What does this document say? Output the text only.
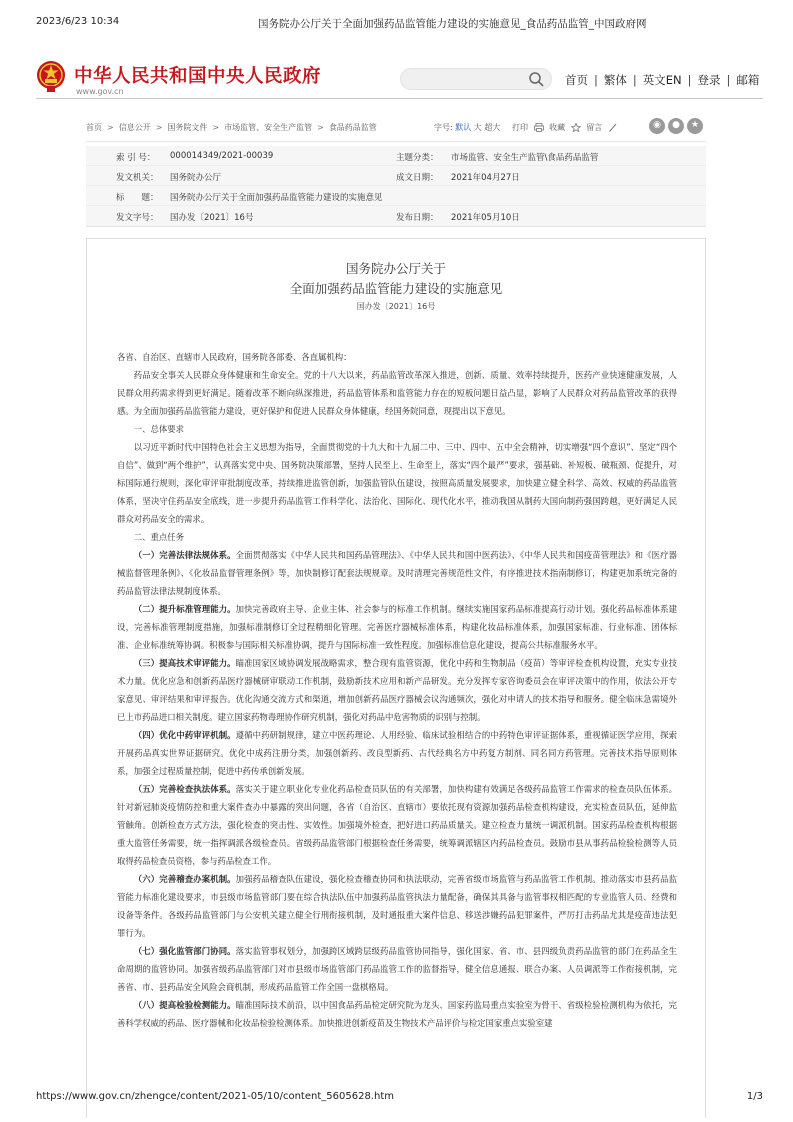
2023/6/23 10:34	国务院办公厅关于全面加强药品监管能力建设的实施意见_食品药品监管_中国政府网
中华人民共和国中央人民政府
www.gov.cn
首页 | 繁体 | 英文EN | 登录 | 邮箱
首页 > 信息公开 > 国务院文件 > 市场监管、安全生产监管 > 食品药品监管	字号: 默认 大 超大 打印	收藏	留言	◉	●	★
索 引 号： 000014349/2021-00039	主题分类： 市场监管、安全生产监管\食品药品监管
发文机关： 国务院办公厅	成文日期： 2021年04月27日
标　　题： 国务院办公厅关于全面加强药品监管能力建设的实施意见
发文字号： 国办发〔2021〕16号	发布日期： 2021年05月10日
国务院办公厅关于
全面加强药品监管能力建设的实施意见
国办发〔2021〕16号

各省、自治区、直辖市人民政府，国务院各部委、各直属机构：

药品安全事关人民群众身体健康和生命安全。党的十八大以来，药品监管改革深入推进，创新、质量、效率持续提升，医药产业快速健康发展，人民群众用药需求得到更好满足。随着改革不断向纵深推进，药品监管体系和监管能力存在的短板问题日益凸显，影响了人民群众对药品监管改革的获得感。为全面加强药品监管能力建设，更好保护和促进人民群众身体健康，经国务院同意，现提出以下意见。

一、总体要求

以习近平新时代中国特色社会主义思想为指导，全面贯彻党的十九大和十九届二中、三中、四中、五中全会精神，切实增强“四个意识”、坚定“四个自信”、做到“两个维护”，认真落实党中央、国务院决策部署，坚持人民至上、生命至上，落实“四个最严”要求，强基础、补短板、破瓶颈、促提升，对标国际通行规则，深化审评审批制度改革，持续推进监管创新，加强监管队伍建设，按照高质量发展要求，加快建立健全科学、高效、权威的药品监管体系，坚决守住药品安全底线，进一步提升药品监管工作科学化、法治化、国际化、现代化水平，推动我国从制药大国向制药强国跨越，更好满足人民群众对药品安全的需求。

二、重点任务

（一）完善法律法规体系。全面贯彻落实《中华人民共和国药品管理法》、《中华人民共和国中医药法》、《中华人民共和国疫苗管理法》和《医疗器械监督管理条例》、《化妆品监督管理条例》等，加快制修订配套法规规章。及时清理完善规范性文件，有序推进技术指南制修订，构建更加系统完备的药品监管法律法规制度体系。

（二）提升标准管理能力。加快完善政府主导、企业主体、社会参与的标准工作机制。继续实施国家药品标准提高行动计划。强化药品标准体系建设，完善标准管理制度措施，加强标准制修订全过程精细化管理。完善医疗器械标准体系，构建化妆品标准体系，加强国家标准、行业标准、团体标准、企业标准统筹协调。积极参与国际相关标准协调，提升与国际标准一致性程度。加强标准信息化建设，提高公共标准服务水平。

（三）提高技术审评能力。瞄准国家区域协调发展战略需求，整合现有监管资源，优化中药和生物制品（疫苗）等审评检查机构设置，充实专业技术力量。优化应急和创新药品医疗器械研审联动工作机制，鼓励新技术应用和新产品研发。充分发挥专家咨询委员会在审评决策中的作用，依法公开专家意见、审评结果和审评报告。优化沟通交流方式和渠道，增加创新药品医疗器械会议沟通频次，强化对申请人的技术指导和服务。健全临床急需境外已上市药品进口相关制度。建立国家药物毒理协作研究机制，强化对药品中危害物质的识别与控制。

（四）优化中药审评机制。遵循中药研制规律，建立中医药理论、人用经验、临床试验相结合的中药特色审评证据体系，重视循证医学应用，探索开展药品真实世界证据研究。优化中成药注册分类，加强创新药、改良型新药、古代经典名方中药复方制剂、同名同方药管理。完善技术指导原则体系，加强全过程质量控制，促进中药传承创新发展。

（五）完善检查执法体系。落实关于建立职业化专业化药品检查员队伍的有关部署，加快构建有效满足各级药品监管工作需求的检查员队伍体系。针对新冠肺炎疫情防控和重大案件查办中暴露的突出问题，各省（自治区、直辖市）要依托现有资源加强药品检查机构建设，充实检查员队伍，延伸监管触角。创新检查方式方法，强化检查的突击性、实效性。加强境外检查，把好进口药品质量关。建立检查力量统一调派机制。国家药品检查机构根据重大监管任务需要，统一指挥调派各级检查员。省级药品监管部门根据检查任务需要，统筹调派辖区内药品检查员。鼓励市县从事药品检验检测等人员取得药品检查员资格，参与药品检查工作。

（六）完善稽查办案机制。加强药品稽查队伍建设，强化检查稽查协同和执法联动，完善省级市场监管与药品监管工作机制。推动落实市县药品监管能力标准化建设要求，市县级市场监管部门要在综合执法队伍中加强药品监管执法力量配备，确保其具备与监管事权相匹配的专业监管人员、经费和设备等条件。各级药品监管部门与公安机关建立健全行刑衔接机制，及时通报重大案件信息、移送涉嫌药品犯罪案件，严厉打击药品尤其是疫苗违法犯罪行为。

（七）强化监管部门协同。落实监管事权划分，加强跨区域跨层级药品监管协同指导，强化国家、省、市、县四级负责药品监管的部门在药品全生命周期的监管协同。加强省级药品监管部门对市县级市场监管部门药品监管工作的监督指导，健全信息通报、联合办案、人员调派等工作衔接机制，完善省、市、县药品安全风险会商机制，形成药品监管工作全国一盘棋格局。

（八）提高检验检测能力。瞄准国际技术前沿，以中国食品药品检定研究院为龙头、国家药监局重点实验室为骨干、省级检验检测机构为依托，完善科学权威的药品、医疗器械和化妆品检验检测体系。加快推进创新疫苗及生物技术产品评价与检定国家重点实验室建

https://www.gov.cn/zhengce/content/2021-05/10/content_5605628.htm	1/3
